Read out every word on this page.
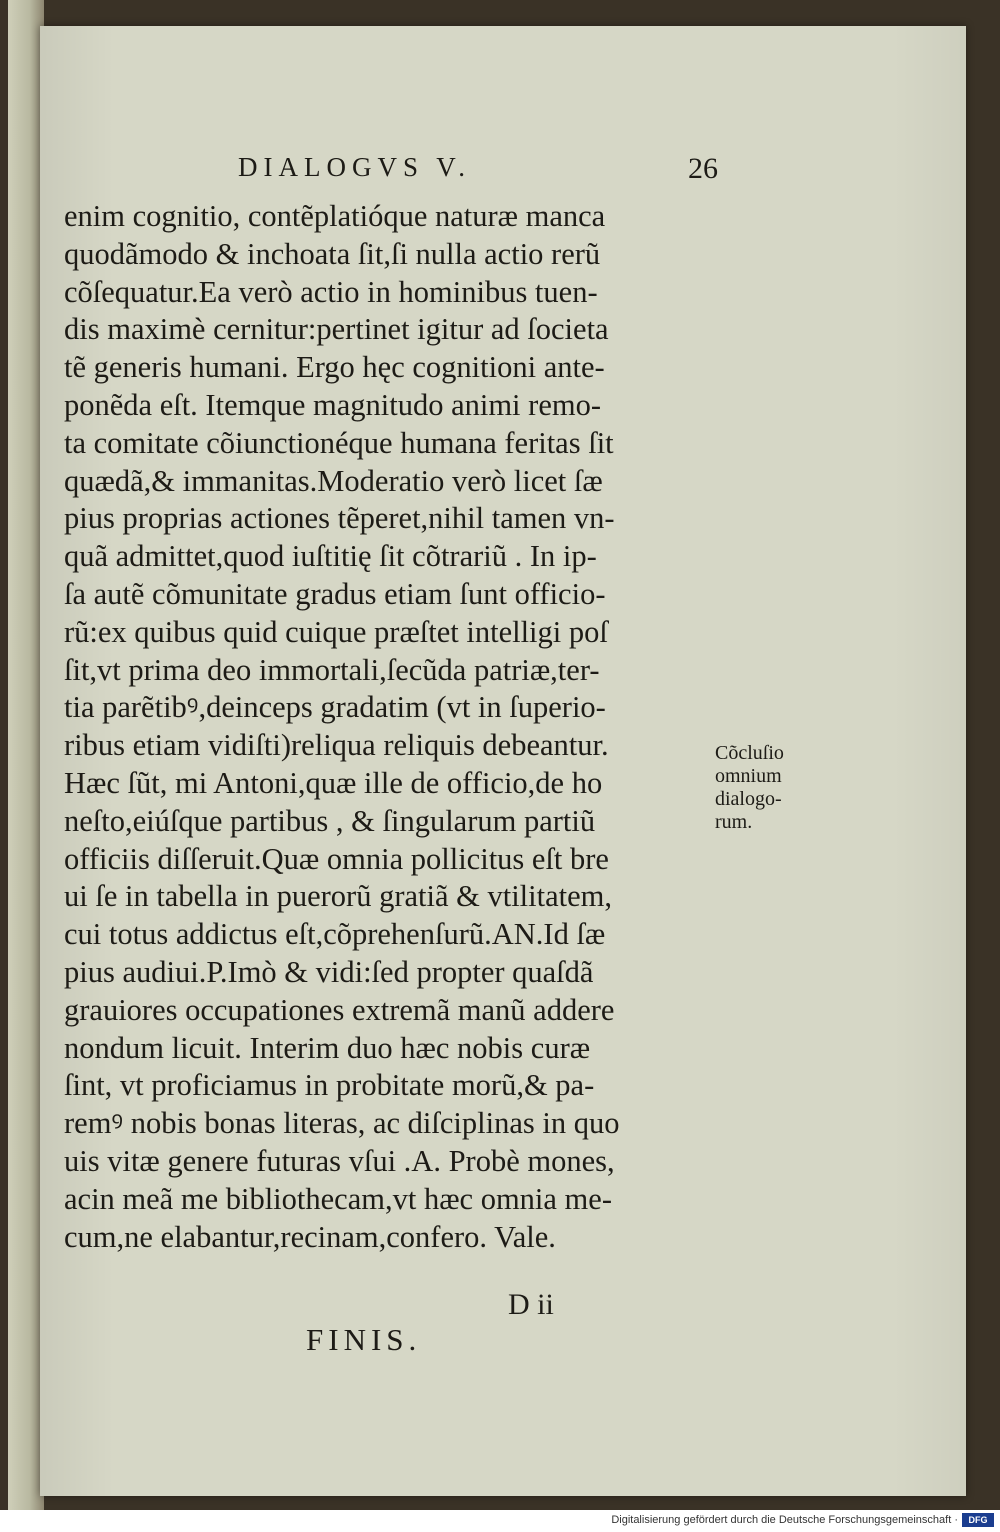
DIALOGVS V.	26
enim cognitio, contẽplatióque naturæ manca
quodãmodo & inchoata ſit,ſi nulla actio rerũ
cõſequatur.Ea verò actio in hominibus tuen-
dis maximè cernitur:pertinet igitur ad ſocieta
tẽ generis humani. Ergo hęc cognitioni ante-
ponẽda eſt. Itemque magnitudo animi remo-
ta comitate cõiunctionéque humana feritas ſit
quædã,& immanitas.Moderatio verò licet ſæ
pius proprias actiones tẽperet,nihil tamen vn-
quã admittet,quod iuſtitię ſit cõtrariũ . In ip-
ſa autẽ cõmunitate gradus etiam ſunt officio-
rũ:ex quibus quid cuique præſtet intelligi poſ
ſit,vt prima deo immortali,ſecũda patriæ,ter-
tia parẽtibꝰ,deinceps gradatim (vt in ſuperio-
ribus etiam vidiſti)reliqua reliquis debeantur.
Hæc ſũt, mi Antoni,quæ ille de officio,de ho
neſto,eiúſque partibus , & ſingularum partiũ
officiis diſſeruit.Quæ omnia pollicitus eſt bre
ui ſe in tabella in puerorũ gratiã & vtilitatem,
cui totus addictus eſt,cõprehenſurũ.AN.Id ſæ
pius audiui.P.Imò & vidi:ſed propter quaſdã
grauiores occupationes extremã manũ addere
nondum licuit. Interim duo hæc nobis curæ
ſint, vt proficiamus in probitate morũ,& pa-
remꝰ nobis bonas literas, ac diſciplinas in quo
uis vitæ genere futuras vſui .A. Probè mones,
acin meã me bibliothecam,vt hæc omnia me-
cum,ne elabantur,recinam,confero. Vale.
Cõcluſio
omnium
dialogo-
rum.
D ii
FINIS.
Digitalisierung gefördert durch die Deutsche Forschungsgemeinschaft ·	DFG
